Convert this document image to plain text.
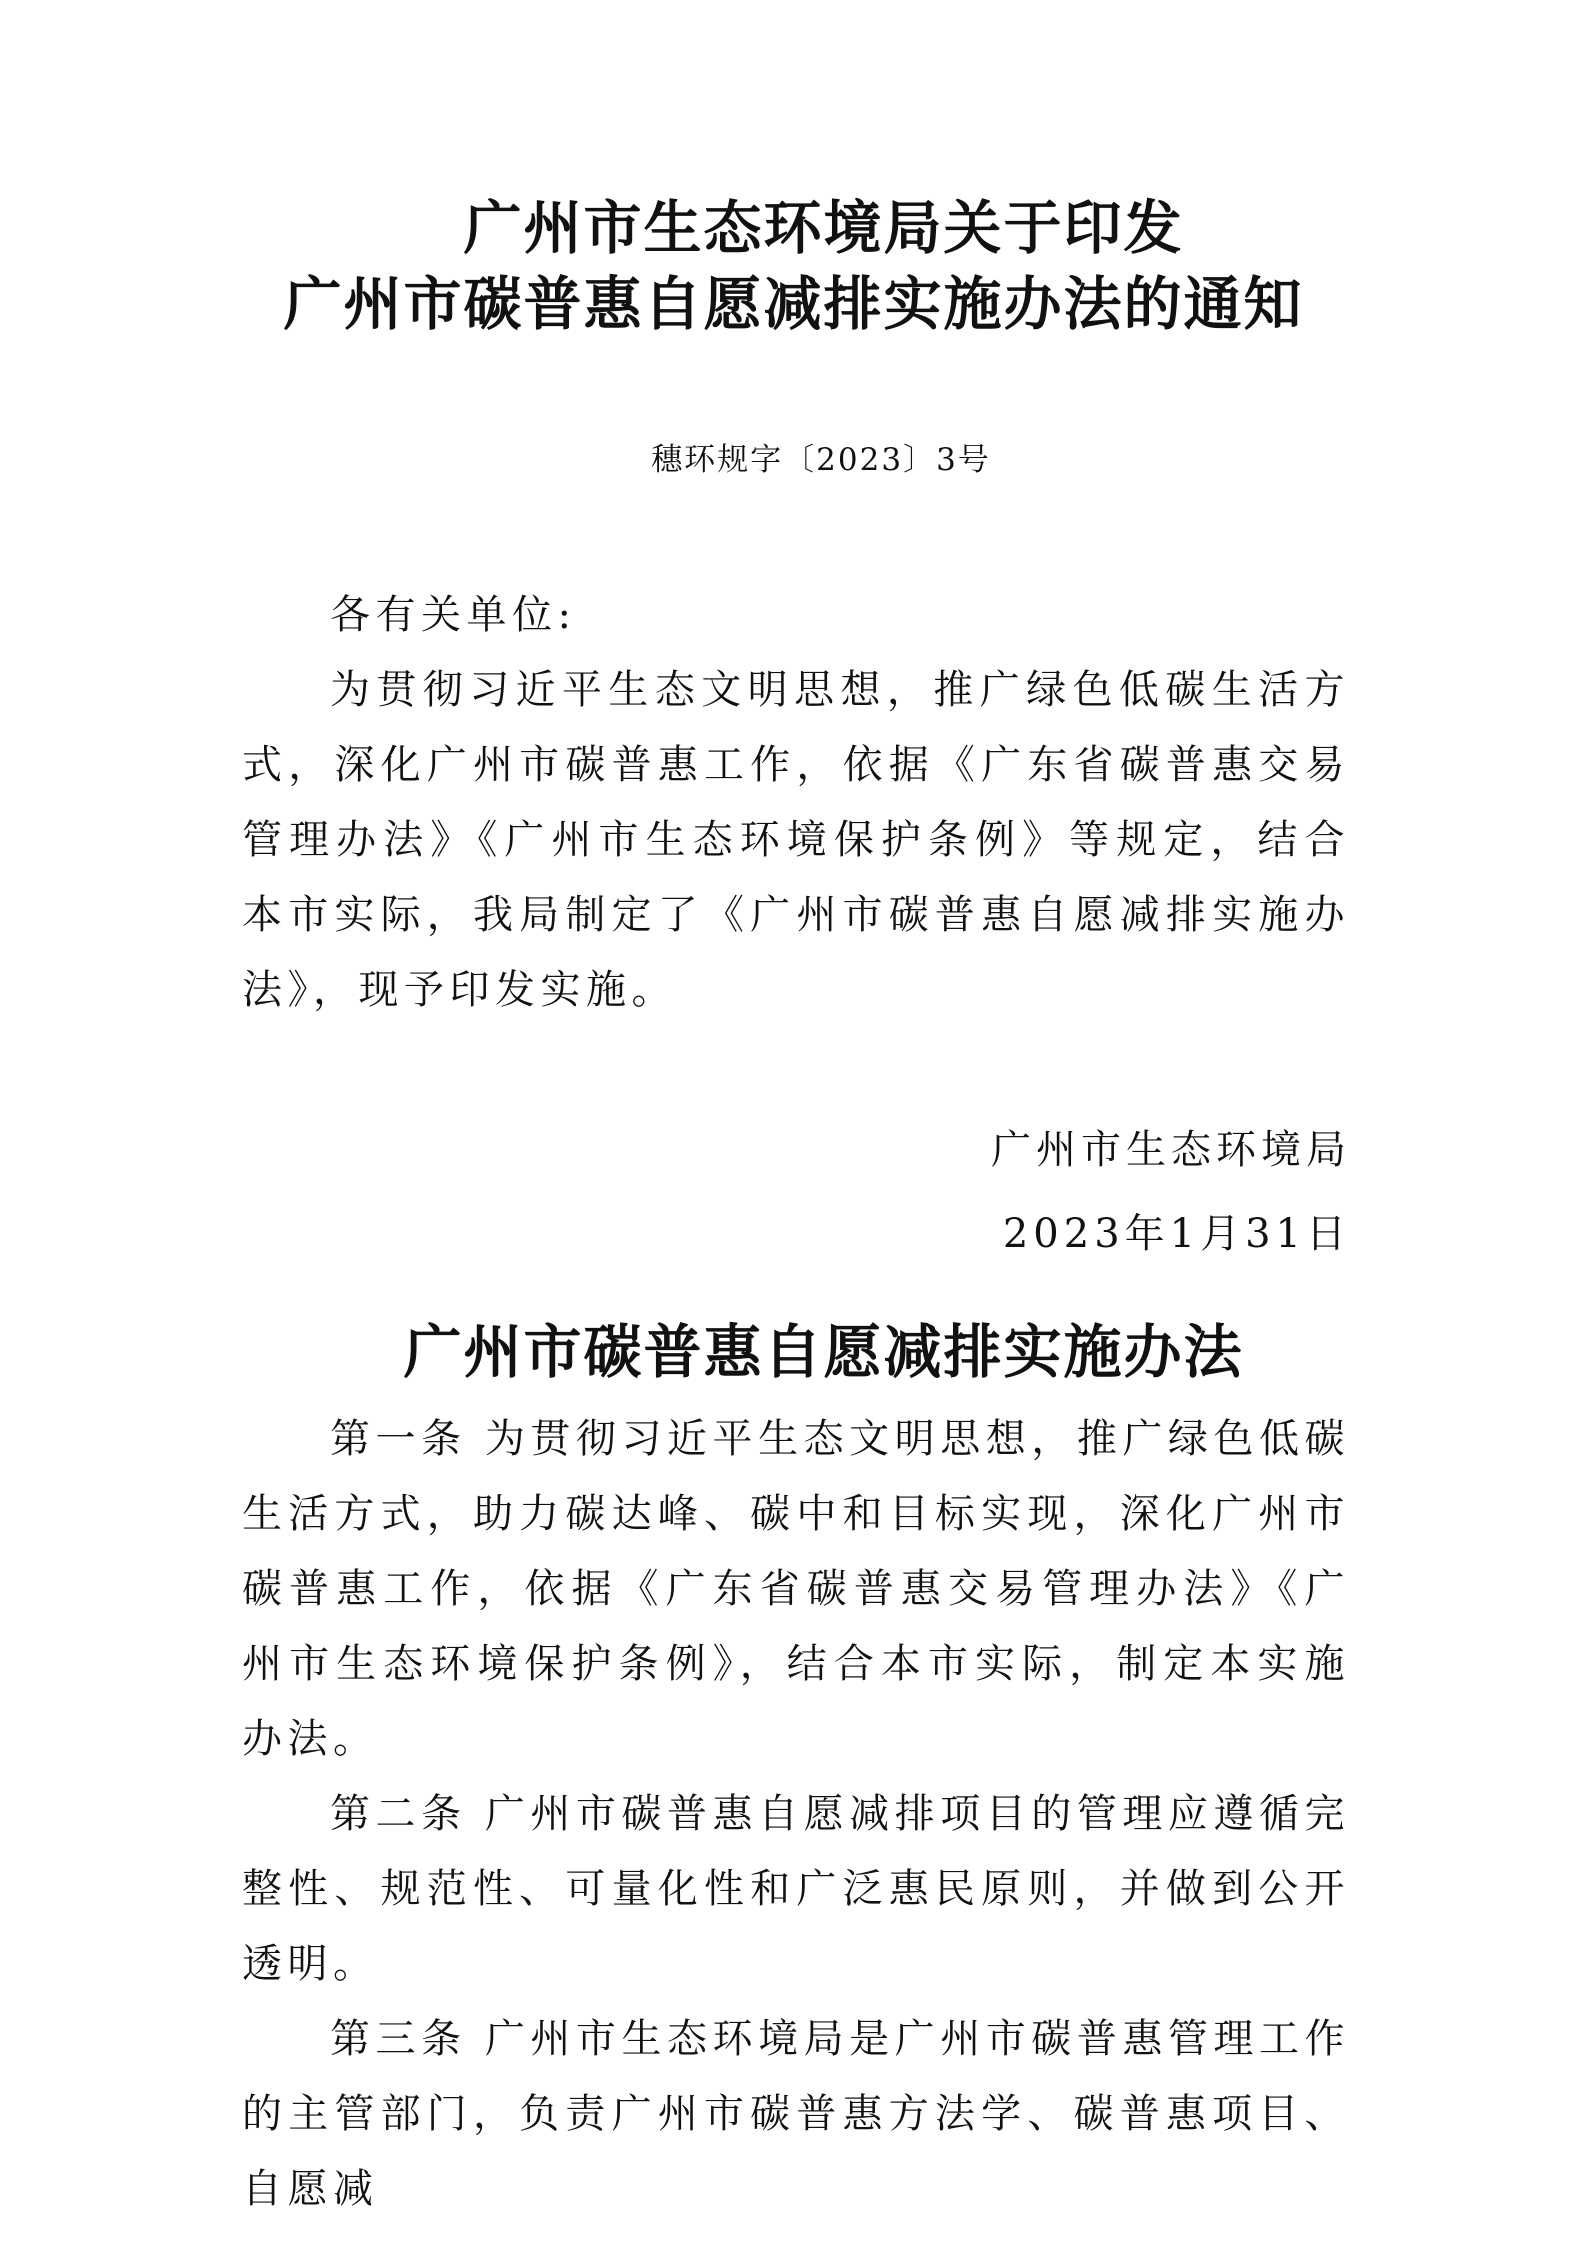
广州市生态环境局关于印发
广州市碳普惠自愿减排实施办法的通知
穗环规字〔2023〕3号
各有关单位:
为贯彻习近平生态文明思想，推广绿色低碳生活方式，深化广州市碳普惠工作，依据《广东省碳普惠交易管理办法》《广州市生态环境保护条例》等规定，结合本市实际，我局制定了《广州市碳普惠自愿减排实施办法》，现予印发实施。
广州市生态环境局
2023年1月31日
广州市碳普惠自愿减排实施办法

第一条 为贯彻习近平生态文明思想，推广绿色低碳生活方式，助力碳达峰、碳中和目标实现，深化广州市碳普惠工作，依据《广东省碳普惠交易管理办法》《广州市生态环境保护条例》，结合本市实际，制定本实施办法。

第二条 广州市碳普惠自愿减排项目的管理应遵循完整性、规范性、可量化性和广泛惠民原则，并做到公开透明。

第三条 广州市生态环境局是广州市碳普惠管理工作的主管部门，负责广州市碳普惠方法学、碳普惠项目、自愿减
